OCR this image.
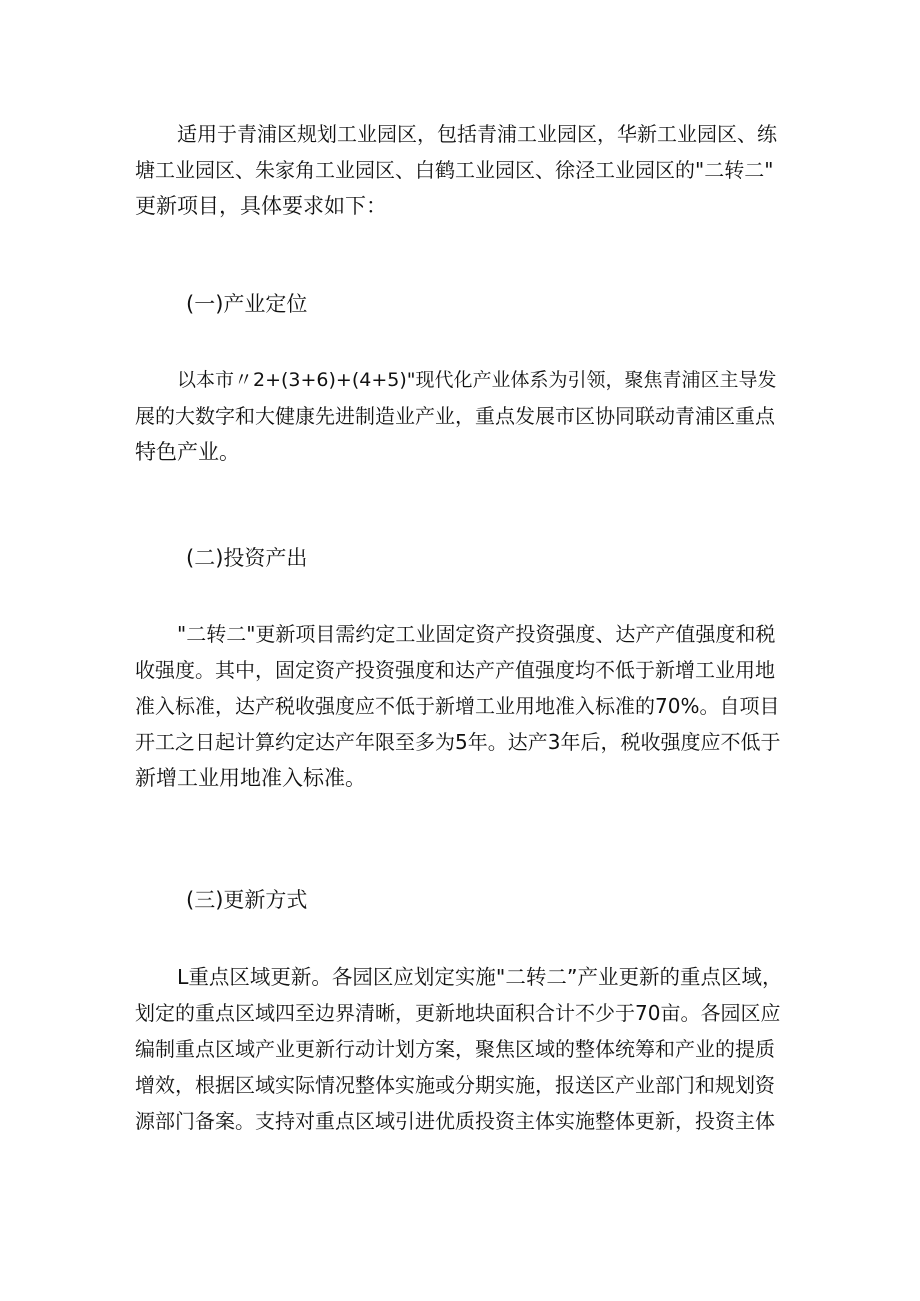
适用于青浦区规划工业园区，包括青浦工业园区，华新工业园区、练
塘工业园区、朱家角工业园区、白鹤工业园区、徐泾工业园区的"二转二"
更新项目，具体要求如下：

(一)产业定位

以本市〃2+(3+6)+(4+5)"现代化产业体系为引领，聚焦青浦区主导发
展的大数字和大健康先进制造业产业，重点发展市区协同联动青浦区重点
特色产业。

(二)投资产出

"二转二"更新项目需约定工业固定资产投资强度、达产产值强度和税
收强度。其中，固定资产投资强度和达产产值强度均不低于新增工业用地
准入标准，达产税收强度应不低于新增工业用地准入标准的70%。自项目
开工之日起计算约定达产年限至多为5年。达产3年后，税收强度应不低于
新增工业用地准入标准。

(三)更新方式

L重点区域更新。各园区应划定实施"二转二”产业更新的重点区域，
划定的重点区域四至边界清晰，更新地块面积合计不少于70亩。各园区应
编制重点区域产业更新行动计划方案，聚焦区域的整体统筹和产业的提质
增效，根据区域实际情况整体实施或分期实施，报送区产业部门和规划资
源部门备案。支持对重点区域引进优质投资主体实施整体更新，投资主体
